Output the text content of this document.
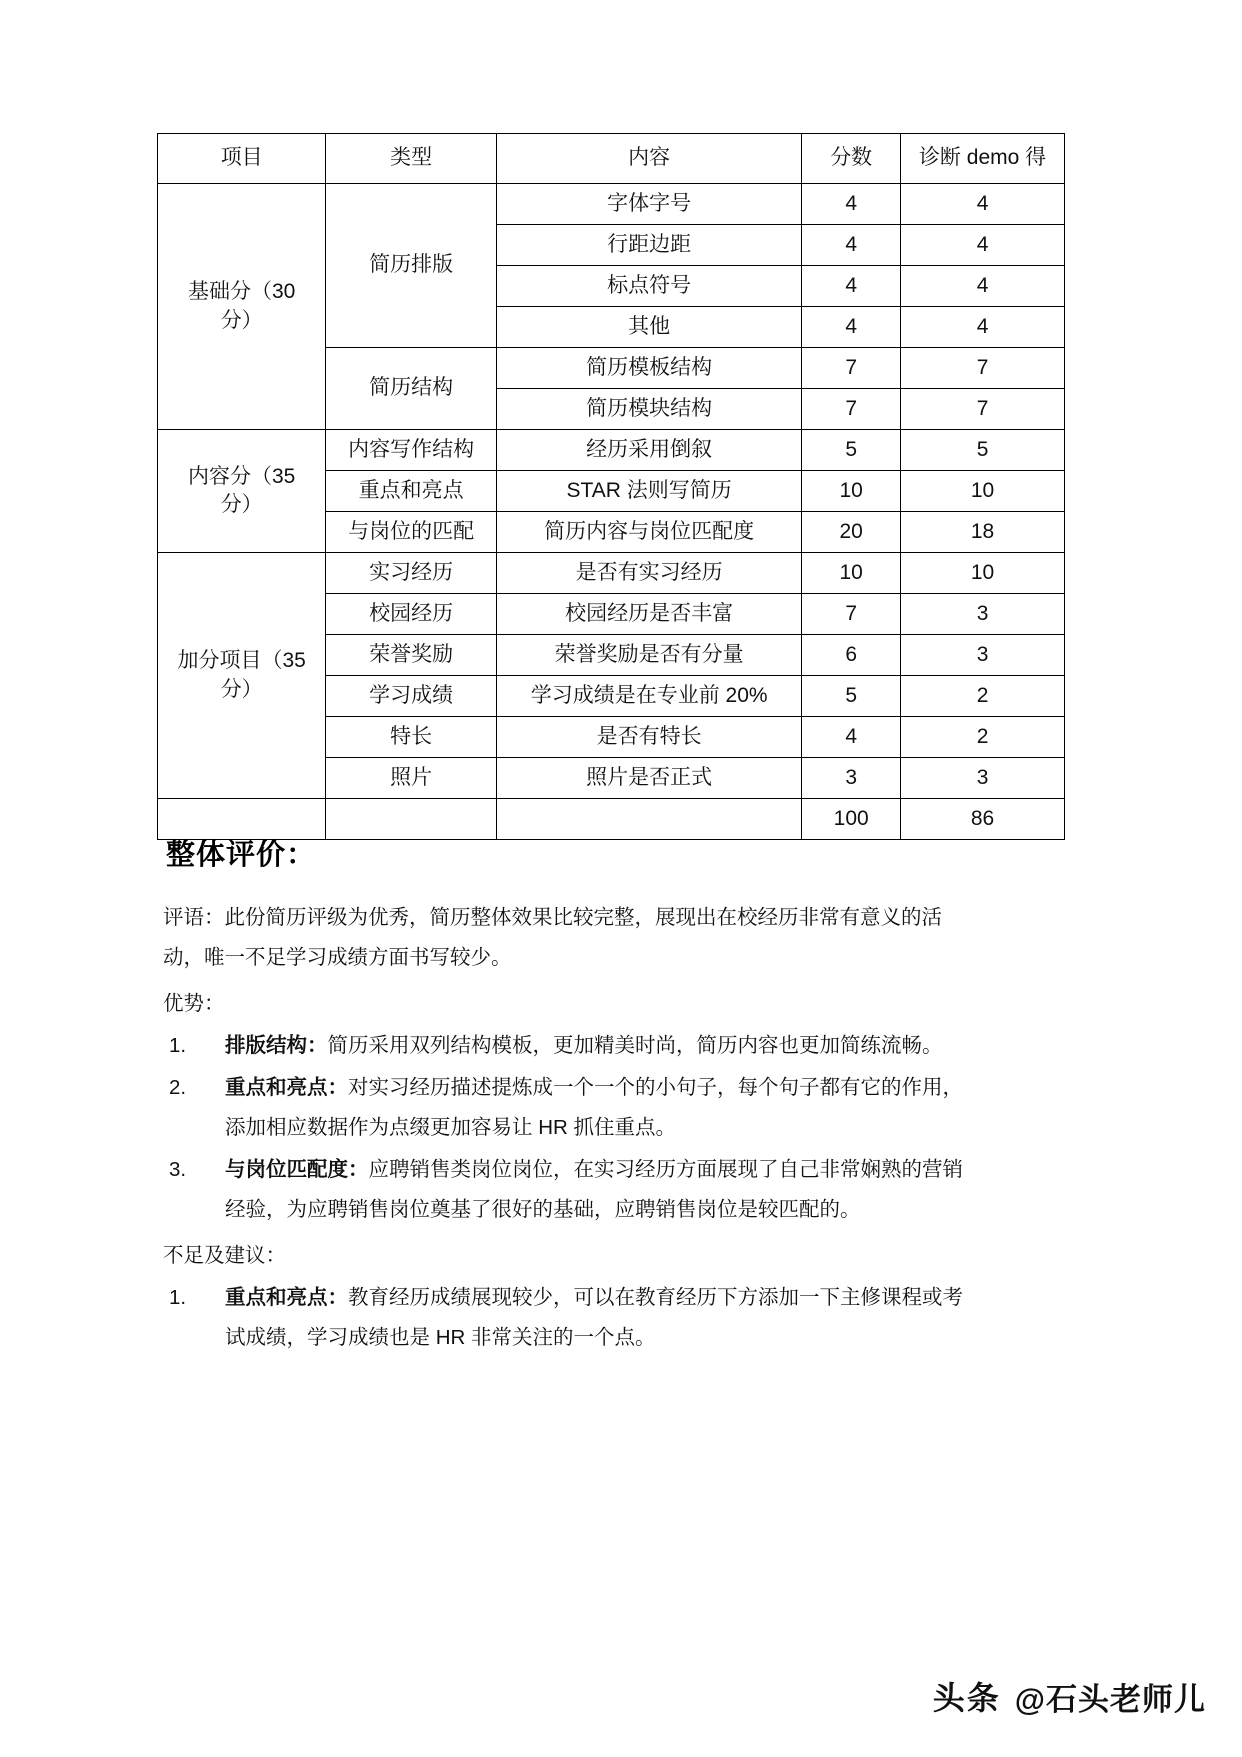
项目	类型	内容	分数	诊断 demo 得
基础分（30
分）	简历排版	字体字号	4	4
		行距边距	4	4
		标点符号	4	4
		其他	4	4
	简历结构	简历模板结构	7	7
		简历模块结构	7	7
内容分（35
分）	内容写作结构	经历采用倒叙	5	5
	重点和亮点	STAR 法则写简历	10	10
	与岗位的匹配	简历内容与岗位匹配度	20	18
加分项目（35
分）	实习经历	是否有实习经历	10	10
	校园经历	校园经历是否丰富	7	3
	荣誉奖励	荣誉奖励是否有分量	6	3
	学习成绩	学习成绩是在专业前 20%	5	2
	特长	是否有特长	4	2
	照片	照片是否正式	3	3
			100	86
整体评价：

评语：此份简历评级为优秀，简历整体效果比较完整，展现出在校经历非常有意义的活动，唯一不足学习成绩方面书写较少。

优势：

排版结构：简历采用双列结构模板，更加精美时尚，简历内容也更加简练流畅。
重点和亮点：对实习经历描述提炼成一个一个的小句子，每个句子都有它的作用，添加相应数据作为点缀更加容易让 HR 抓住重点。
与岗位匹配度：应聘销售类岗位岗位，在实习经历方面展现了自己非常娴熟的营销经验，为应聘销售岗位奠基了很好的基础，应聘销售岗位是较匹配的。

不足及建议：

重点和亮点：教育经历成绩展现较少，可以在教育经历下方添加一下主修课程或考试成绩，学习成绩也是 HR 非常关注的一个点。
头条 @石头老师儿
